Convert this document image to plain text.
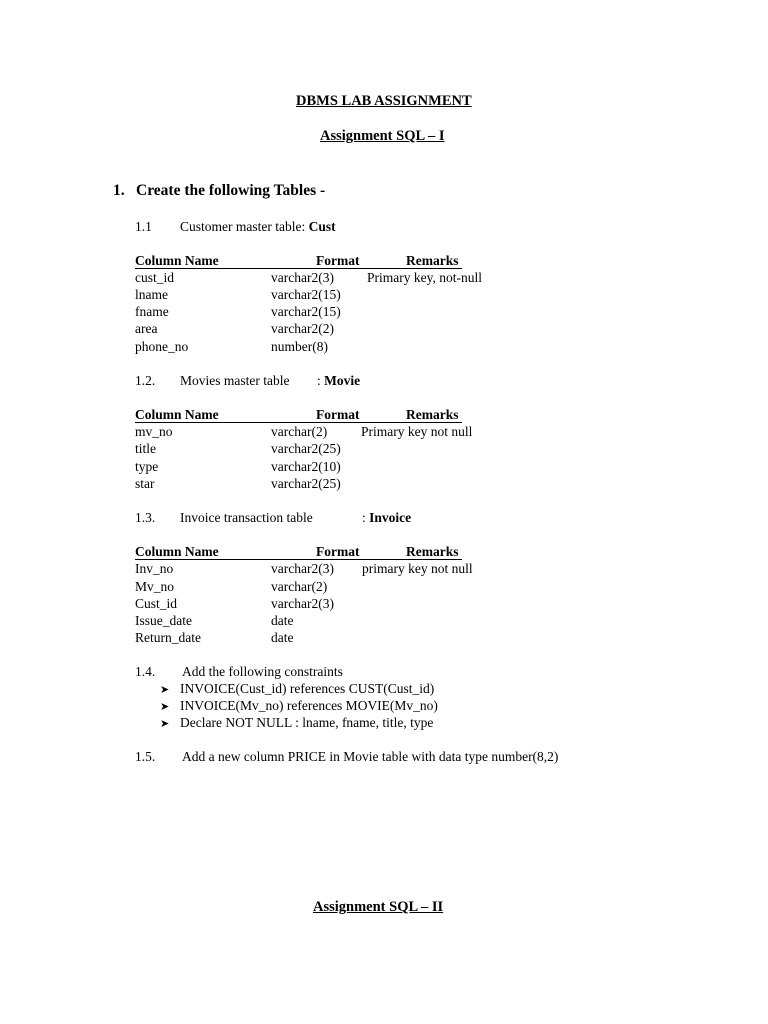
DBMS LAB ASSIGNMENT
Assignment SQL – I
1. Create the following Tables -
1.1 Customer master table: Cust
Column Name	Format	Remarks
cust_id	varchar2(3) Primary key, not-null
lname	varchar2(15)
fname	varchar2(15)
area	varchar2(2)
phone_no	number(8)
1.2. Movies master table : Movie
Column Name	Format	Remarks
mv_no	varchar(2)	Primary key not null
title	varchar2(25)
type	varchar2(10)
star	varchar2(25)
1.3. Invoice transaction table	: Invoice
Column Name	Format	Remarks
Inv_no	varchar2(3) primary key not null
Mv_no	varchar(2)
Cust_id	varchar2(3)
Issue_date	date
Return_date	date
1.4. Add the following constraints
➤ INVOICE(Cust_id) references CUST(Cust_id)
➤ INVOICE(Mv_no) references MOVIE(Mv_no)
➤ Declare NOT NULL : lname, fname, title, type
1.5. Add a new column PRICE in Movie table with data type number(8,2)
Assignment SQL – II
